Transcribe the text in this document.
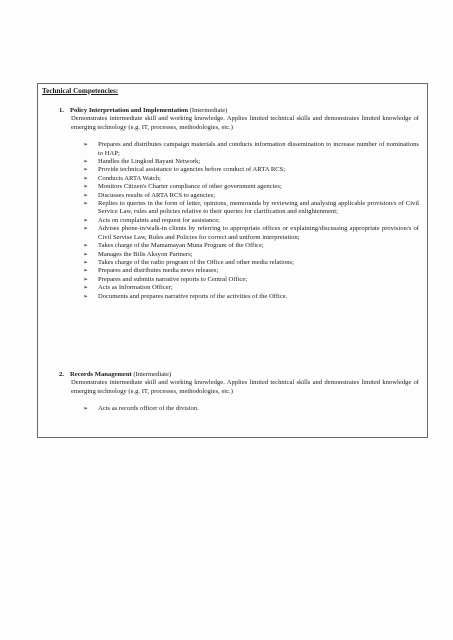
Technical Competencies:

1. Policy Interpretation and Implementation (Intermediate)

Demonstrates intermediate skill and working knowledge. Applies limited technical skills and demonstrates limited knowledge of emerging technology (e.g. IT, processes, methodologies, etc.)

➢ Prepares and distributes campaign materials and conducts information dissemination to increase number of nominations to HAP;
➢ Handles the Lingkod Bayani Network;
➢ Provide technical assistance to agencies before conduct of ARTA RCS;
➢ Conducts ARTA Watch;
➢ Monitors Citizen's Charter compliance of other government agencies;
➢ Discusses results of ARTA RCS to agencies;
➢ Replies to queries in the form of letter, opinions, memoranda by reviewing and analysing applicable provision/s of Civil Service Law, rules and policies relative to their queries for clarification and enlightenment;
➢ Acts on complaints and request for assistance;
➢ Advises phone-in/walk-in clients by referring to appropriate offices or explaining/discussing appropriate provision/s of Civil Servise Law, Rules and Policies for correct and uniform interpretation;
➢ Takes charge of the Mamamayan Muna Program of the Office;
➢ Manages the Bilis Aksyon Partners;
➢ Takes charge of the radio program of the Office and other media relations;
➢ Prepares and distributes media news releases;
➢ Prepares and submits narrative reports to Central Office;
➢ Acts as Information Officer;
➢ Documents and prepares narrative reports of the activities of the Office.

2. Records Management (Intermediate)

Demonstrates intermediate skill and working knowledge. Applies limited technical skills and demonstrates limited knowledge of emerging technology (e.g. IT, processes, methodologies, etc.)

➢ Acts as records officer of the division.
